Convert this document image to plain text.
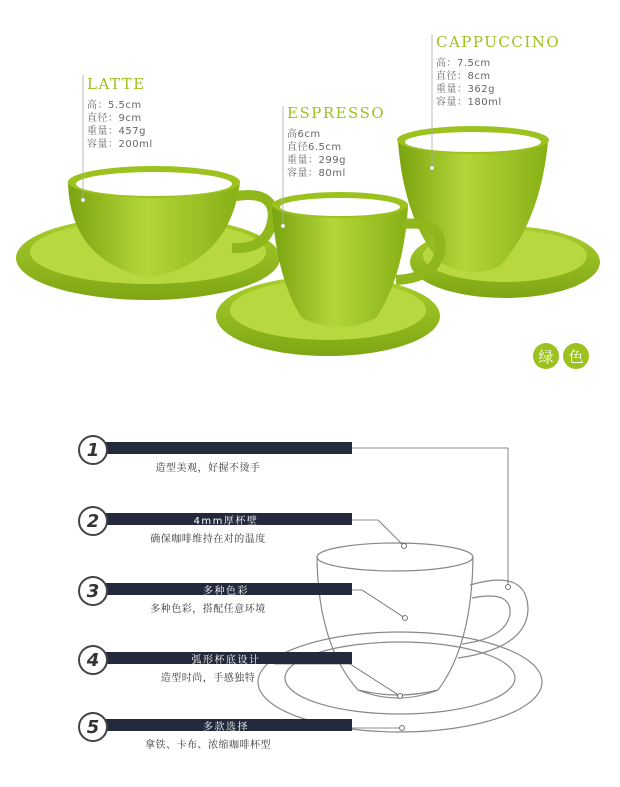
LATTE
高：5.5cm
直径：9cm
重量：457g
容量：200ml
ESPRESSO
高6cm
直径6.5cm
重量：299g
容量：80ml
CAPPUCCINO
高：7.5cm
直径：8cm
重量：362g
容量：180ml
绿 色
1
造型美观，好握不烫手
4mm厚杯壁
2
确保咖啡维持在对的温度
多种色彩
3
多种色彩，搭配任意环境
弧形杯底设计
4
造型时尚，手感独特
多款选择
5
拿铁、卡布、浓缩咖啡杯型
